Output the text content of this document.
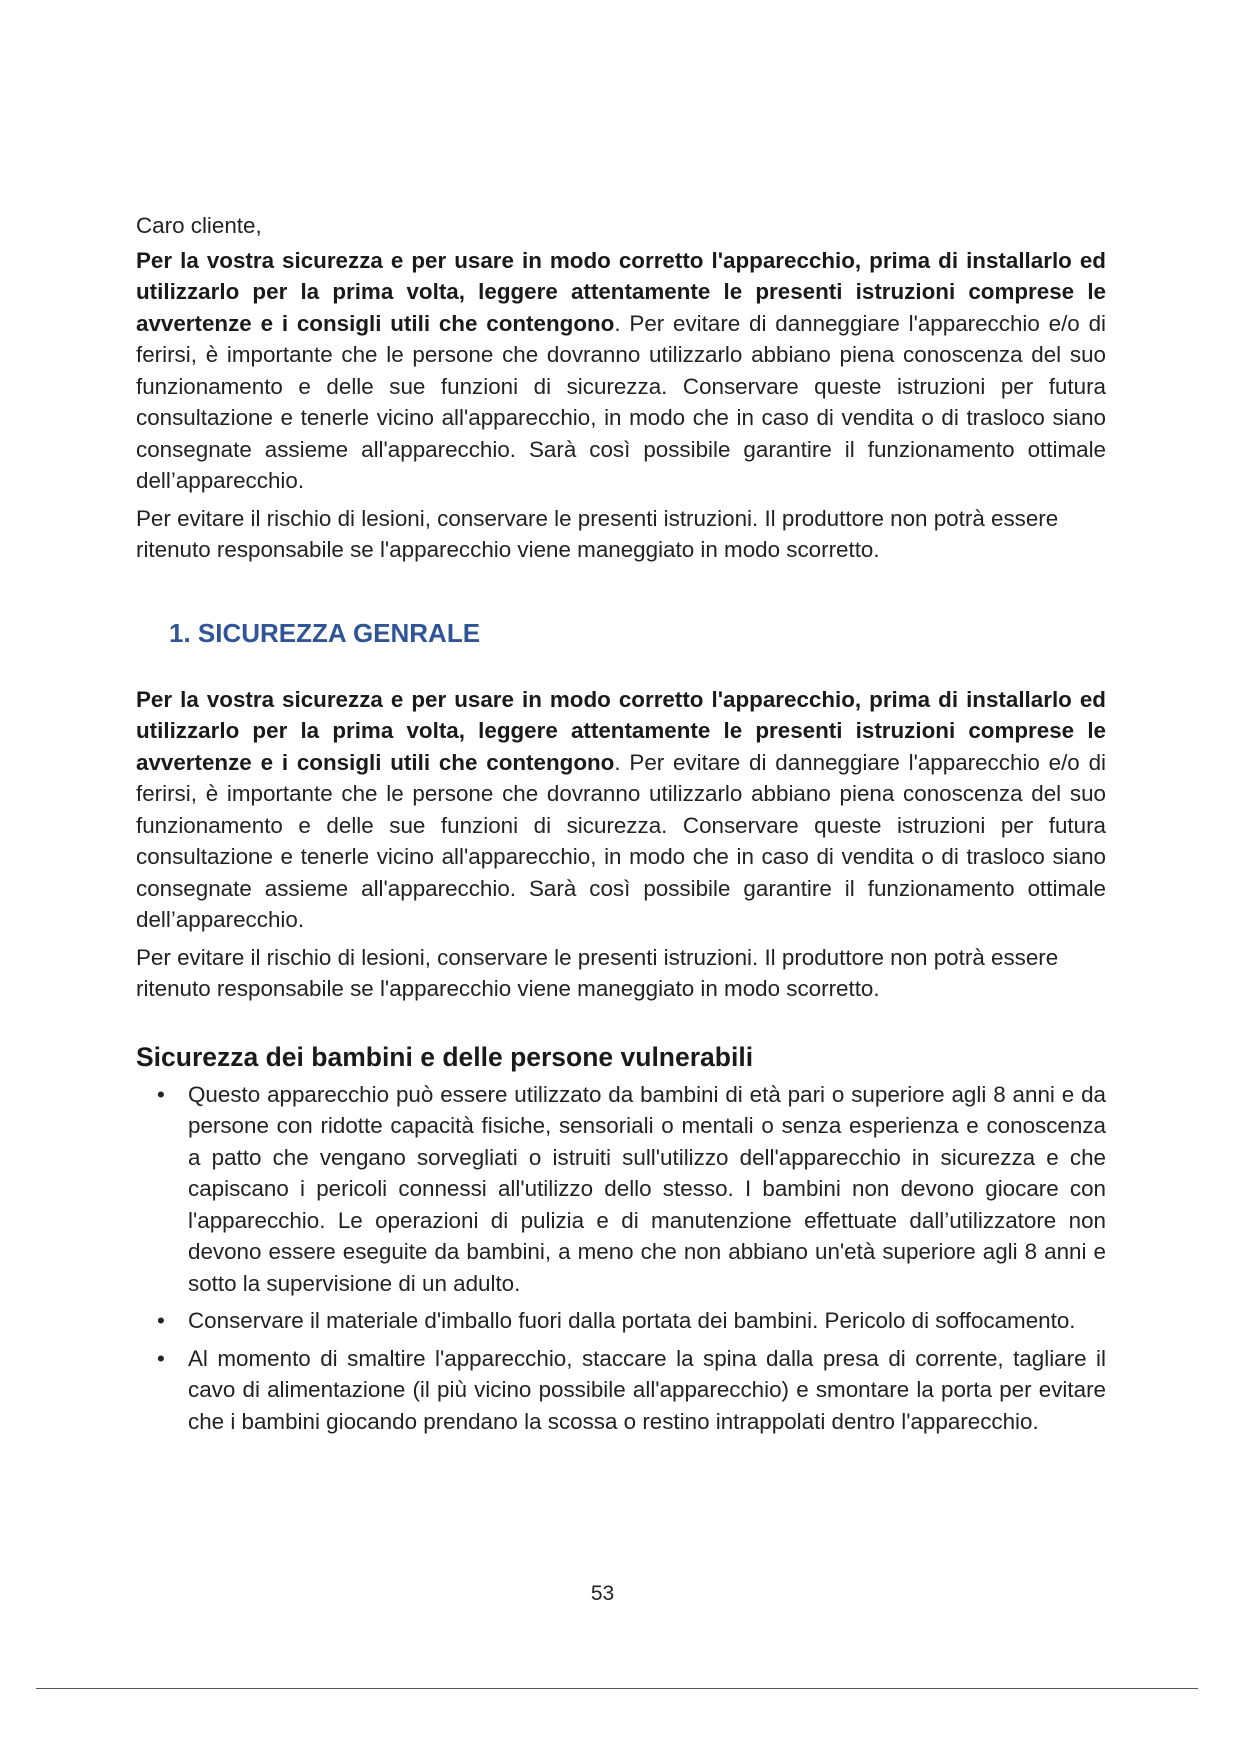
Caro cliente,

Per la vostra sicurezza e per usare in modo corretto l'apparecchio, prima di installarlo ed utilizzarlo per la prima volta, leggere attentamente le presenti istruzioni comprese le avvertenze e i consigli utili che contengono. Per evitare di danneggiare l'apparecchio e/o di ferirsi, è importante che le persone che dovranno utilizzarlo abbiano piena conoscenza del suo funzionamento e delle sue funzioni di sicurezza. Conservare queste istruzioni per futura consultazione e tenerle vicino all'apparecchio, in modo che in caso di vendita o di trasloco siano consegnate assieme all'apparecchio. Sarà così possibile garantire il funzionamento ottimale dell’apparecchio.

Per evitare il rischio di lesioni, conservare le presenti istruzioni. Il produttore non potrà essere ritenuto responsabile se l'apparecchio viene maneggiato in modo scorretto.

1. SICUREZZA GENRALE

Per la vostra sicurezza e per usare in modo corretto l'apparecchio, prima di installarlo ed utilizzarlo per la prima volta, leggere attentamente le presenti istruzioni comprese le avvertenze e i consigli utili che contengono. Per evitare di danneggiare l'apparecchio e/o di ferirsi, è importante che le persone che dovranno utilizzarlo abbiano piena conoscenza del suo funzionamento e delle sue funzioni di sicurezza. Conservare queste istruzioni per futura consultazione e tenerle vicino all'apparecchio, in modo che in caso di vendita o di trasloco siano consegnate assieme all'apparecchio. Sarà così possibile garantire il funzionamento ottimale dell’apparecchio.

Per evitare il rischio di lesioni, conservare le presenti istruzioni. Il produttore non potrà essere ritenuto responsabile se l'apparecchio viene maneggiato in modo scorretto.

Sicurezza dei bambini e delle persone vulnerabili
• Questo apparecchio può essere utilizzato da bambini di età pari o superiore agli 8 anni e da persone con ridotte capacità fisiche, sensoriali o mentali o senza esperienza e conoscenza a patto che vengano sorvegliati o istruiti sull'utilizzo dell'apparecchio in sicurezza e che capiscano i pericoli connessi all'utilizzo dello stesso. I bambini non devono giocare con l'apparecchio. Le operazioni di pulizia e di manutenzione effettuate dall’utilizzatore non devono essere eseguite da bambini, a meno che non abbiano un'età superiore agli 8 anni e sotto la supervisione di un adulto.
• Conservare il materiale d'imballo fuori dalla portata dei bambini. Pericolo di soffocamento.
• Al momento di smaltire l'apparecchio, staccare la spina dalla presa di corrente, tagliare il cavo di alimentazione (il più vicino possibile all'apparecchio) e smontare la porta per evitare che i bambini giocando prendano la scossa o restino intrappolati dentro l'apparecchio.
53
